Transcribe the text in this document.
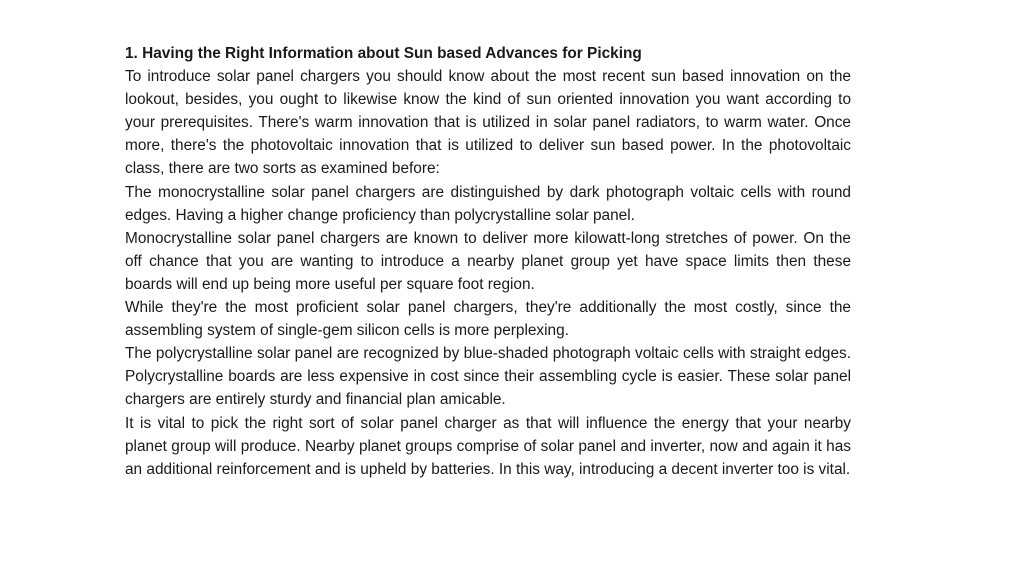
1. Having the Right Information about Sun based Advances for Picking

To introduce solar panel chargers you should know about the most recent sun based innovation on the lookout, besides, you ought to likewise know the kind of sun oriented innovation you want according to your prerequisites. There's warm innovation that is utilized in solar panel radiators, to warm water. Once more, there's the photovoltaic innovation that is utilized to deliver sun based power. In the photovoltaic class, there are two sorts as examined before:

The monocrystalline solar panel chargers are distinguished by dark photograph voltaic cells with round edges. Having a higher change proficiency than polycrystalline solar panel.

Monocrystalline solar panel chargers are known to deliver more kilowatt-long stretches of power. On the off chance that you are wanting to introduce a nearby planet group yet have space limits then these boards will end up being more useful per square foot region.

While they're the most proficient solar panel chargers, they're additionally the most costly, since the assembling system of single-gem silicon cells is more perplexing.

The polycrystalline solar panel are recognized by blue-shaded photograph voltaic cells with straight edges. Polycrystalline boards are less expensive in cost since their assembling cycle is easier. These solar panel chargers are entirely sturdy and financial plan amicable.

It is vital to pick the right sort of solar panel charger as that will influence the energy that your nearby planet group will produce. Nearby planet groups comprise of solar panel and inverter, now and again it has an additional reinforcement and is upheld by batteries. In this way, introducing a decent inverter too is vital.
